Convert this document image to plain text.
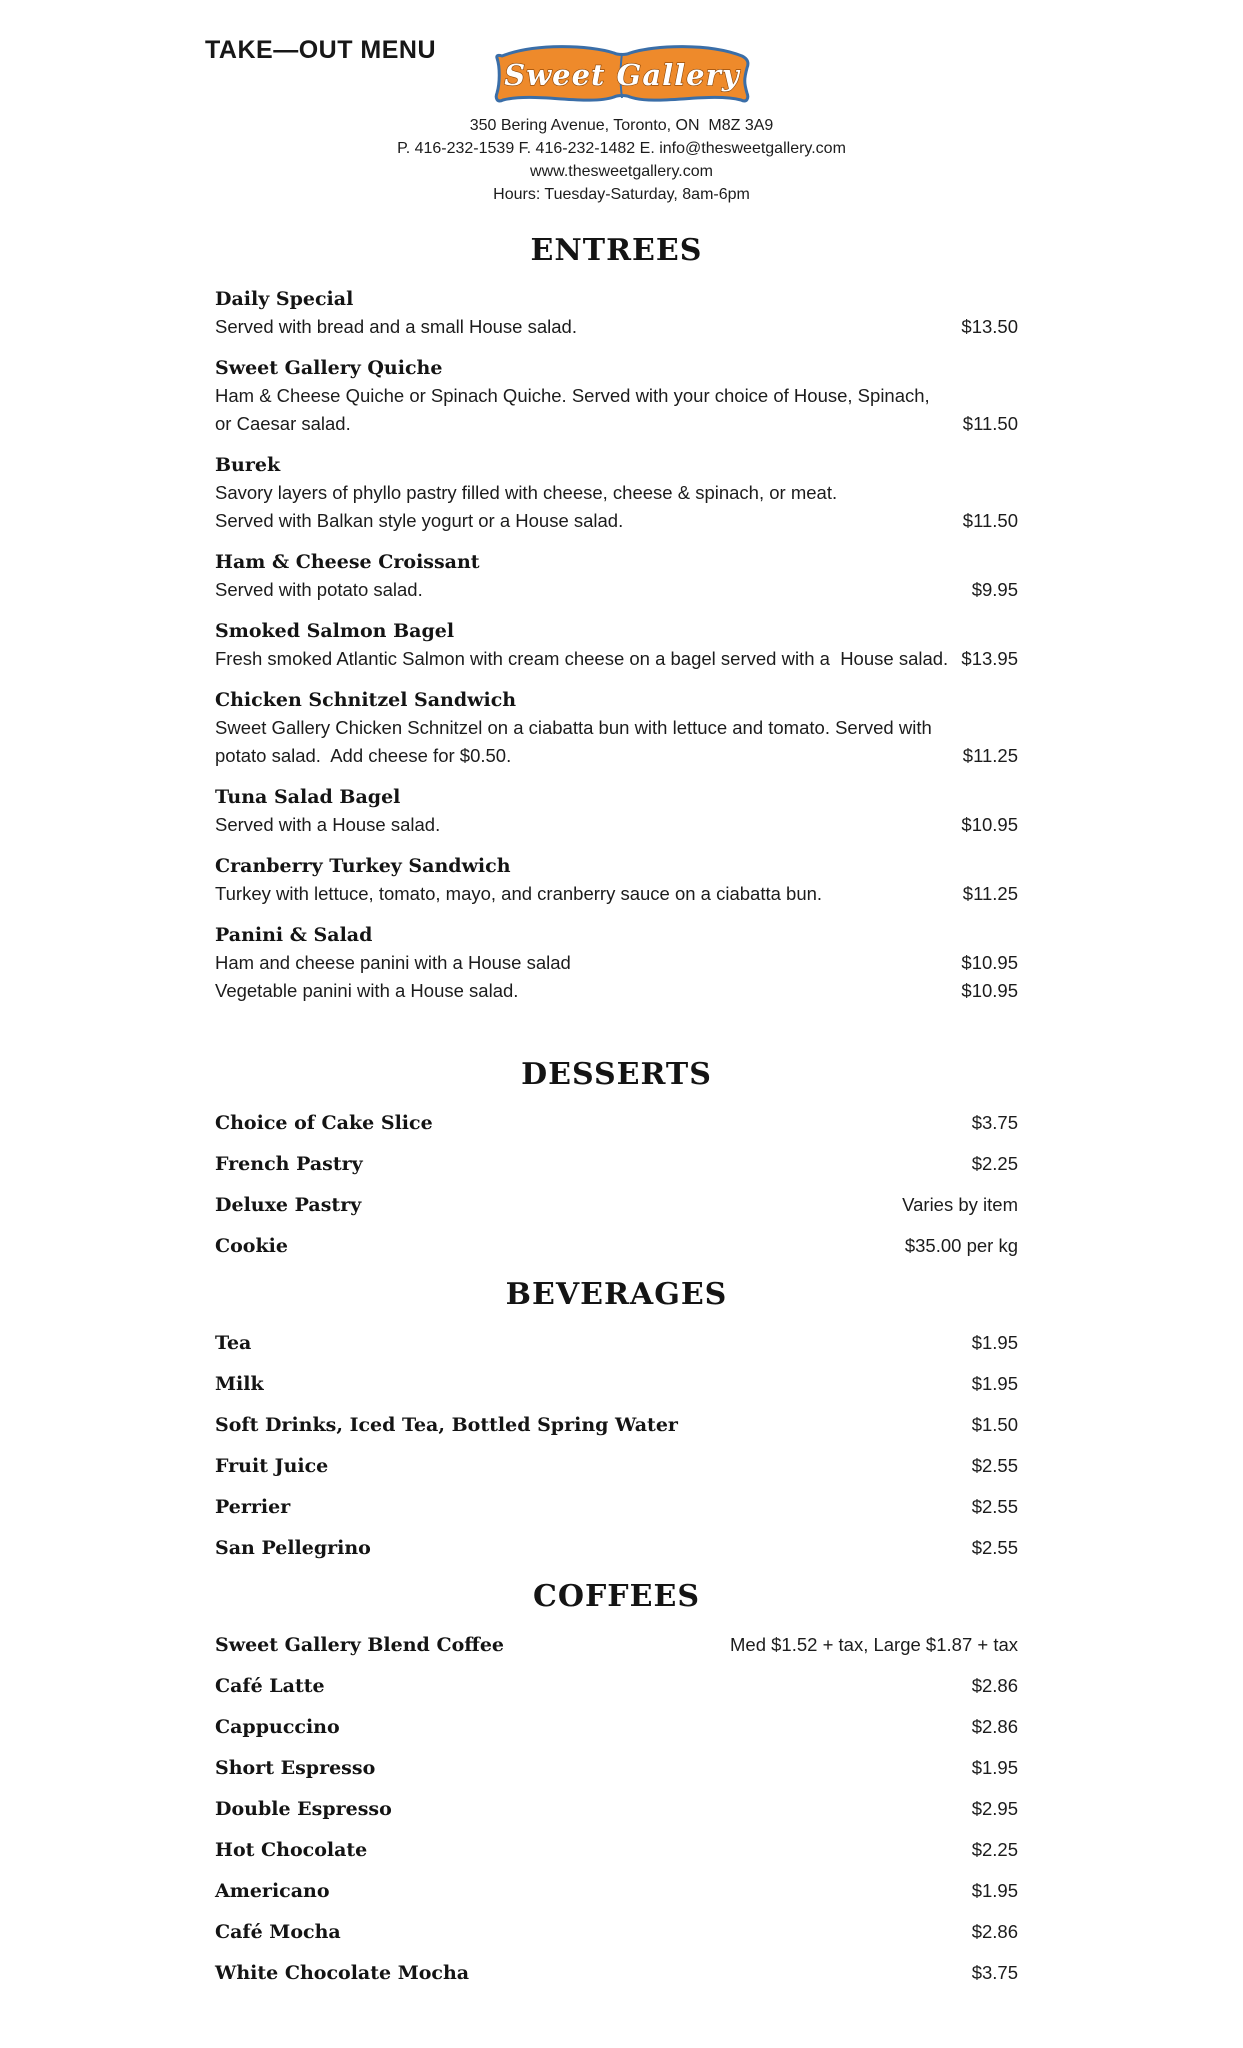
TAKE—OUT MENU
Sweet Gallery
350 Bering Avenue, Toronto, ON  M8Z 3A9
P. 416-232-1539 F. 416-232-1482 E. info@thesweetgallery.com
www.thesweetgallery.com
Hours: Tuesday-Saturday, 8am-6pm
ENTREES
Daily Special
Served with bread and a small House salad.	$13.50
Sweet Gallery Quiche
Ham & Cheese Quiche or Spinach Quiche. Served with your choice of House, Spinach,
or Caesar salad.	$11.50
Burek
Savory layers of phyllo pastry filled with cheese, cheese & spinach, or meat.
Served with Balkan style yogurt or a House salad.	$11.50
Ham & Cheese Croissant
Served with potato salad.	$9.95
Smoked Salmon Bagel
Fresh smoked Atlantic Salmon with cream cheese on a bagel served with a  House salad. $13.95
Chicken Schnitzel Sandwich
Sweet Gallery Chicken Schnitzel on a ciabatta bun with lettuce and tomato. Served with
potato salad.  Add cheese for $0.50.	$11.25
Tuna Salad Bagel
Served with a House salad.	$10.95
Cranberry Turkey Sandwich
Turkey with lettuce, tomato, mayo, and cranberry sauce on a ciabatta bun.	$11.25
Panini & Salad
Ham and cheese panini with a House salad	$10.95
Vegetable panini with a House salad.	$10.95
DESSERTS
Choice of Cake Slice	$3.75
French Pastry	$2.25
Deluxe Pastry	Varies by item
Cookie	$35.00 per kg
BEVERAGES
Tea	$1.95
Milk	$1.95
Soft Drinks, Iced Tea, Bottled Spring Water	$1.50
Fruit Juice	$2.55
Perrier	$2.55
San Pellegrino	$2.55
COFFEES
Sweet Gallery Blend Coffee	Med $1.52 + tax, Large $1.87 + tax
Café Latte	$2.86
Cappuccino	$2.86
Short Espresso	$1.95
Double Espresso	$2.95
Hot Chocolate	$2.25
Americano	$1.95
Café Mocha	$2.86
White Chocolate Mocha	$3.75
